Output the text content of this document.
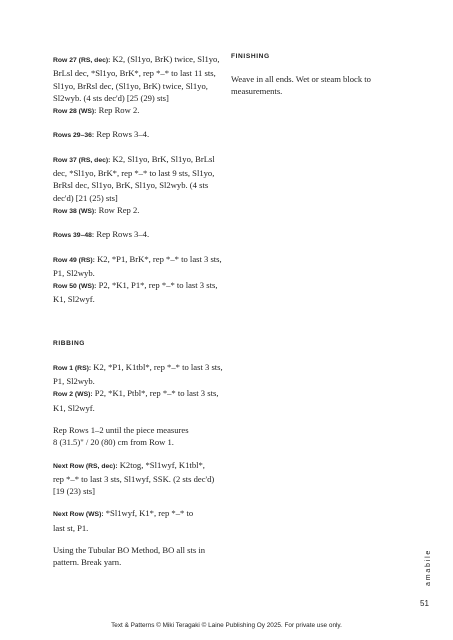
Row 27 (RS, dec): K2, (Sl1yo, BrK) twice, Sl1yo,
BrLsl dec, *Sl1yo, BrK*, rep *–* to last 11 sts,
Sl1yo, BrRsl dec, (Sl1yo, BrK) twice, Sl1yo,
Sl2wyb. (4 sts dec'd) [25 (29) sts]
Row 28 (WS): Rep Row 2.

Rows 29–36: Rep Rows 3–4.

Row 37 (RS, dec): K2, Sl1yo, BrK, Sl1yo, BrLsl
dec, *Sl1yo, BrK*, rep *–* to last 9 sts, Sl1yo,
BrRsl dec, Sl1yo, BrK, Sl1yo, Sl2wyb. (4 sts
dec'd) [21 (25) sts]
Row 38 (WS): Row Rep 2.

Rows 39–48: Rep Rows 3–4.

Row 49 (RS): K2, *P1, BrK*, rep *–* to last 3 sts,
P1, Sl2wyb.
Row 50 (WS): P2, *K1, P1*, rep *–* to last 3 sts,
K1, Sl2wyf.

RIBBING

Row 1 (RS): K2, *P1, K1tbl*, rep *–* to last 3 sts,
P1, Sl2wyb.
Row 2 (WS): P2, *K1, Ptbl*, rep *–* to last 3 sts,
K1, Sl2wyf.

Rep Rows 1–2 until the piece measures
8 (31.5)" / 20 (80) cm from Row 1.

Next Row (RS, dec): K2tog, *Sl1wyf, K1tbl*,
rep *–* to last 3 sts, Sl1wyf, SSK. (2 sts dec'd)
[19 (23) sts]

Next Row (WS): *Sl1wyf, K1*, rep *–* to
last st, P1.

Using the Tubular BO Method, BO all sts in
pattern. Break yarn.

FINISHING

Weave in all ends. Wet or steam block to
measurements.

amabile
51
Text & Patterns © Miki Teragaki © Laine Publishing Oy 2025. For private use only.
